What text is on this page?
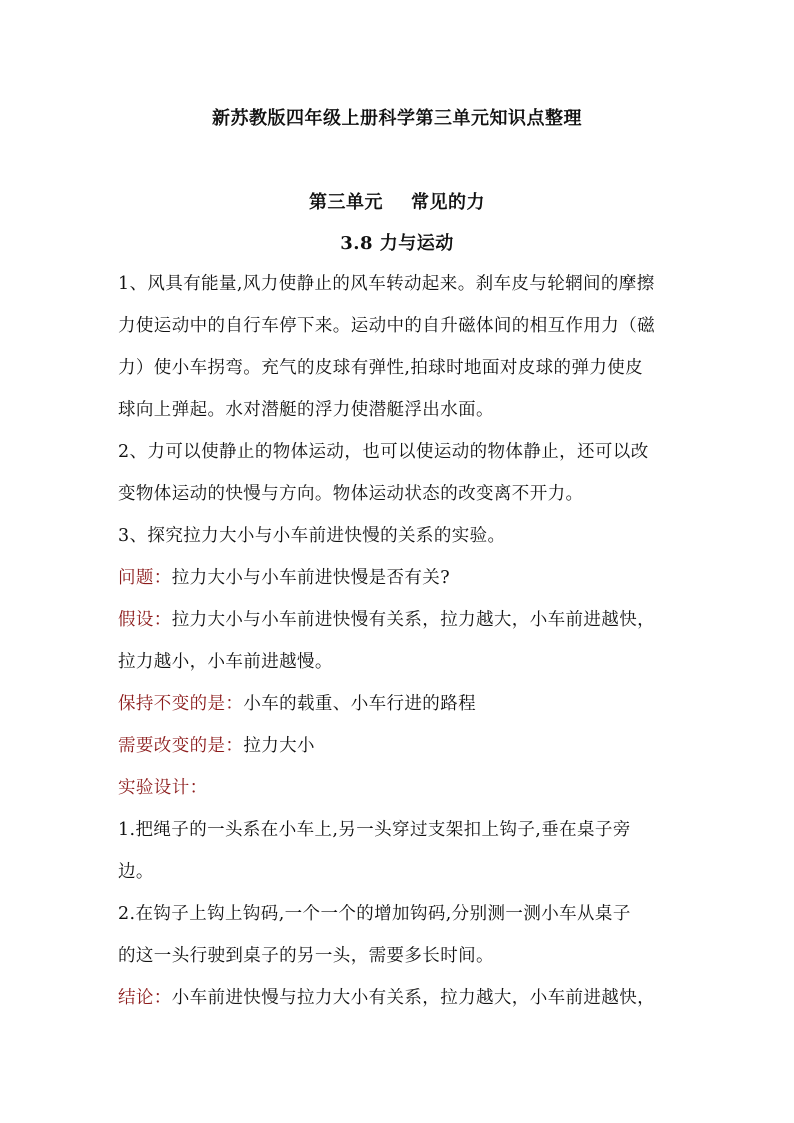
新苏教版四年级上册科学第三单元知识点整理
第三单元 常见的力
3.8 力与运动
1、风具有能量,风力使静止的风车转动起来。刹车皮与轮辋间的摩擦
力使运动中的自行车停下来。运动中的自升磁体间的相互作用力（磁
力）使小车拐弯。充气的皮球有弹性,拍球时地面对皮球的弹力使皮
球向上弹起。水对潜艇的浮力使潜艇浮出水面。
2、力可以使静止的物体运动，也可以使运动的物体静止，还可以改
变物体运动的快慢与方向。物体运动状态的改变离不开力。
3、探究拉力大小与小车前进快慢的关系的实验。
问题：拉力大小与小车前进快慢是否有关?
假设：拉力大小与小车前进快慢有关系，拉力越大，小车前进越快，
拉力越小，小车前进越慢。
保持不变的是：小车的载重、小车行进的路程
需要改变的是：拉力大小
实验设计：
1.把绳子的一头系在小车上,另一头穿过支架扣上钩子,垂在桌子旁
边。
2.在钩子上钩上钩码,一个一个的增加钩码,分别测一测小车从桌子
的这一头行驶到桌子的另一头，需要多长时间。
结论：小车前进快慢与拉力大小有关系，拉力越大，小车前进越快，
